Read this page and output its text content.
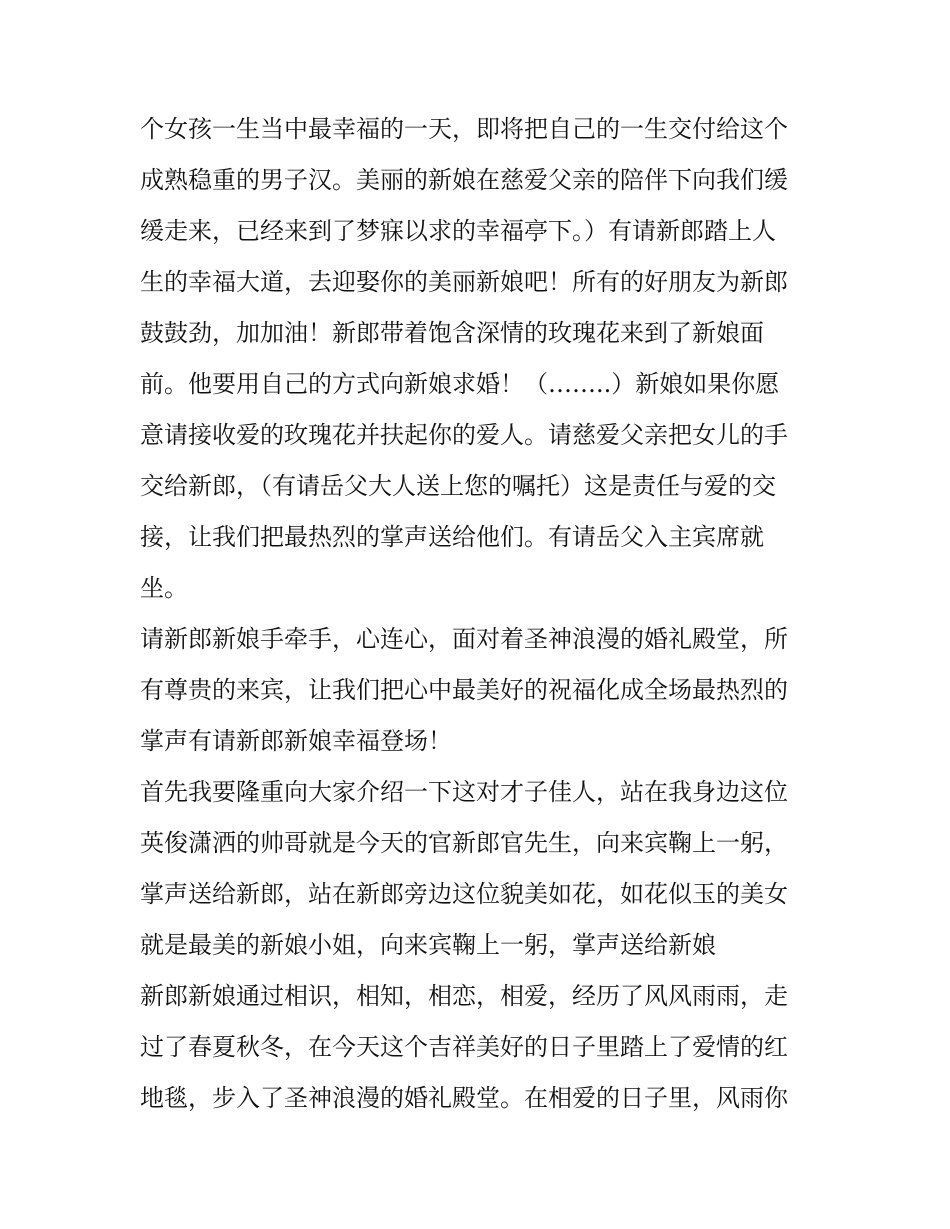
个女孩一生当中最幸福的一天，即将把自己的一生交付给这个
成熟稳重的男子汉。美丽的新娘在慈爱父亲的陪伴下向我们缓
缓走来，已经来到了梦寐以求的幸福亭下。）有请新郎踏上人
生的幸福大道，去迎娶你的美丽新娘吧！所有的好朋友为新郎
鼓鼓劲，加加油！新郎带着饱含深情的玫瑰花来到了新娘面
前。他要用自己的方式向新娘求婚！（……..）新娘如果你愿
意请接收爱的玫瑰花并扶起你的爱人。请慈爱父亲把女儿的手
交给新郎，（有请岳父大人送上您的嘱托）这是责任与爱的交
接，让我们把最热烈的掌声送给他们。有请岳父入主宾席就
坐。
请新郎新娘手牵手，心连心，面对着圣神浪漫的婚礼殿堂，所
有尊贵的来宾，让我们把心中最美好的祝福化成全场最热烈的
掌声有请新郎新娘幸福登场！
首先我要隆重向大家介绍一下这对才子佳人，站在我身边这位
英俊潇洒的帅哥就是今天的官新郎官先生，向来宾鞠上一躬，
掌声送给新郎，站在新郎旁边这位貌美如花，如花似玉的美女
就是最美的新娘小姐，向来宾鞠上一躬，掌声送给新娘
新郎新娘通过相识，相知，相恋，相爱，经历了风风雨雨，走
过了春夏秋冬，在今天这个吉祥美好的日子里踏上了爱情的红
地毯，步入了圣神浪漫的婚礼殿堂。在相爱的日子里，风雨你
